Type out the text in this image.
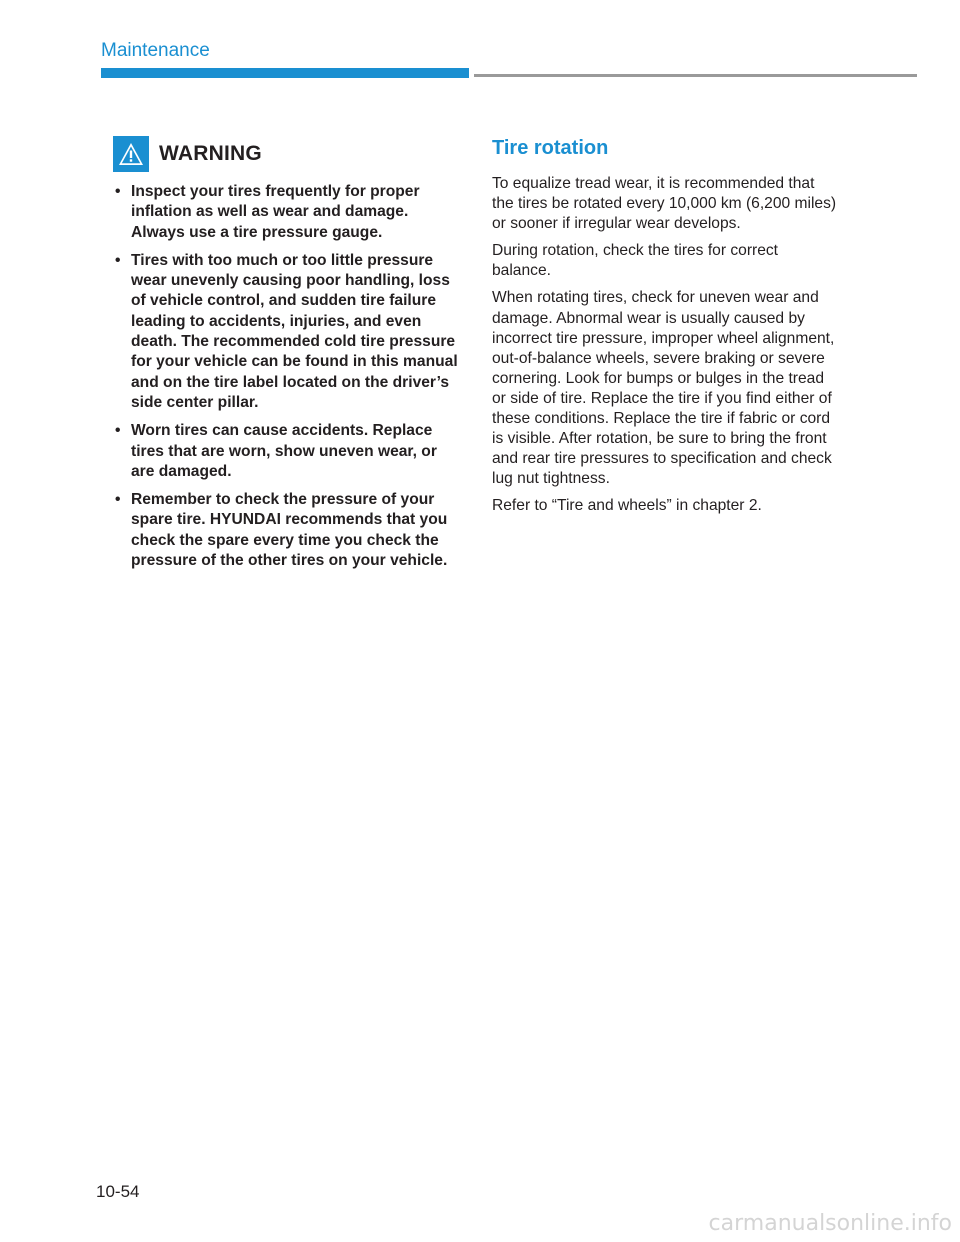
Maintenance
WARNING
• Inspect your tires frequently for proper inflation as well as wear and damage. Always use a tire pressure gauge.
• Tires with too much or too little pressure wear unevenly causing poor handling, loss of vehicle control, and sudden tire failure leading to accidents, injuries, and even death. The recommended cold tire pressure for your vehicle can be found in this manual and on the tire label located on the driver’s side center pillar.
• Worn tires can cause accidents. Replace tires that are worn, show uneven wear, or are damaged.
• Remember to check the pressure of your spare tire. HYUNDAI recommends that you check the spare every time you check the pressure of the other tires on your vehicle.
Tire rotation

To equalize tread wear, it is recommended that the tires be rotated every 10,000 km (6,200 miles) or sooner if irregular wear develops.

During rotation, check the tires for correct balance.

When rotating tires, check for uneven wear and damage. Abnormal wear is usually caused by incorrect tire pressure, improper wheel alignment, out-of-balance wheels, severe braking or severe cornering. Look for bumps or bulges in the tread or side of tire. Replace the tire if you find either of these conditions. Replace the tire if fabric or cord is visible. After rotation, be sure to bring the front and rear tire pressures to specification and check lug nut tightness.

Refer to “Tire and wheels” in chapter 2.

10-54
carmanualsonline.info
